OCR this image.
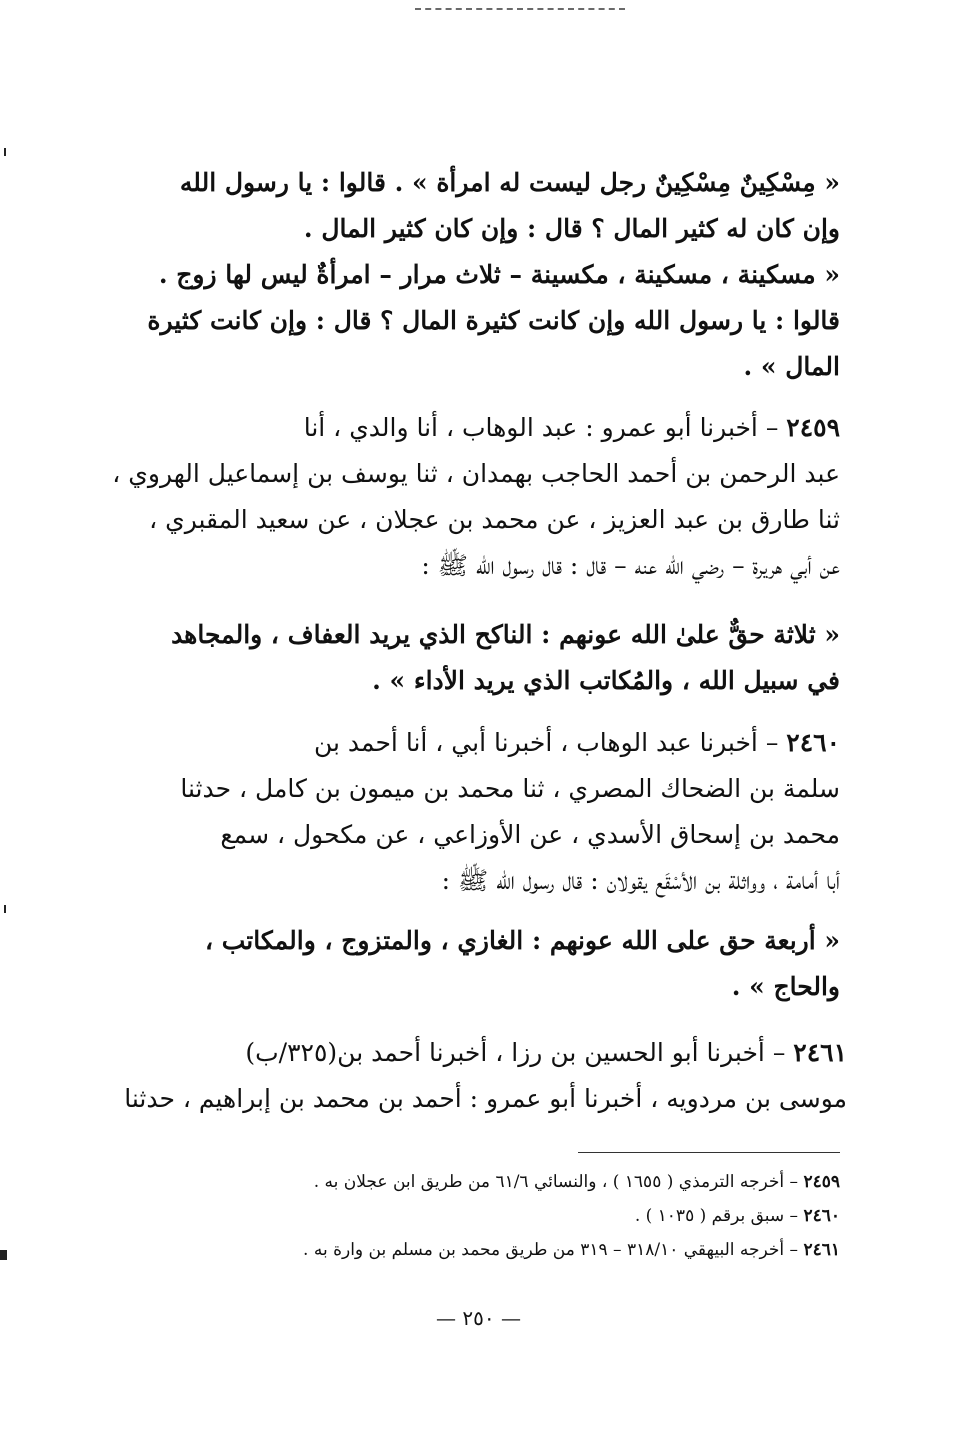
« مِسْكِينٌ مِسْكِينٌ رجل ليست له امرأة » . قالوا : يا رسول الله
وإن كان له كثير المال ؟ قال : وإن كان كثير المال .
« مسكينة ، مسكينة ، مكسينة – ثلاث مرار – امرأةٌ ليس لها زوج .
قالوا : يا رسول الله وإن كانت كثيرة المال ؟ قال : وإن كانت كثيرة
المال » .
٢٤٥٩ – أخبرنا أبو عمرو : عبد الوهاب ، أنا والدي ، أنا
عبد الرحمن بن أحمد الحاجب بهمدان ، ثنا يوسف بن إسماعيل الهروي ،
ثنا طارق بن عبد العزيز ، عن محمد بن عجلان ، عن سعيد المقبري ،
عن أبي هريرة – رضي الله عنه – قال : قال رسول الله ﷺ :
« ثلاثة حقٌّ علىٰ الله عونهم : الناكح الذي يريد العفاف ، والمجاهد
في سبيل الله ، والمُكاتب الذي يريد الأداء » .
٢٤٦٠ – أخبرنا عبد الوهاب ، أخبرنا أبي ، أنا أحمد بن
سلمة بن الضحاك المصري ، ثنا محمد بن ميمون بن كامل ، حدثنا
محمد بن إسحاق الأسدي ، عن الأوزاعي ، عن مكحول ، سمع
أبا أمامة ، وواثلة بن الأسْقَع يقولان : قال رسول الله ﷺ :
« أربعة حق على الله عونهم : الغازي ، والمتزوج ، والمكاتب ،
والحاج » .
٢٤٦١ – أخبرنا أبو الحسين بن رزا ، أخبرنا أحمد بن(٣٢٥/ب)
موسى بن مردويه ، أخبرنا أبو عمرو : أحمد بن محمد بن إبراهيم ، حدثنا
٢٤٥٩ – أخرجه الترمذي ( ١٦٥٥ ) ، والنسائي ٦١/٦ من طريق ابن عجلان به .
٢٤٦٠ – سبق برقم ( ١٠٣٥ ) .
٢٤٦١ – أخرجه البيهقي ٣١٨/١٠ – ٣١٩ من طريق محمد بن مسلم بن وارة به .
— ٢٥٠ —
